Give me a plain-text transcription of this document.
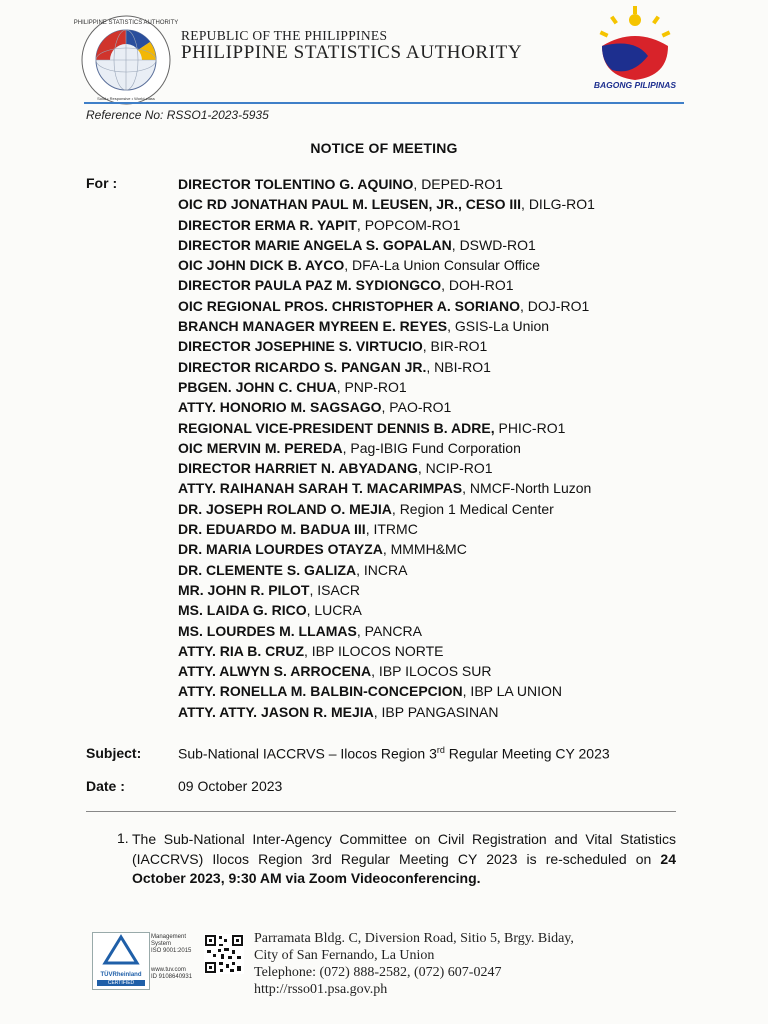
PHILIPPINE STATISTICS AUTHORITY
Solid • Responsive • World-class
REPUBLIC OF THE PHILIPPINES
PHILIPPINE STATISTICS AUTHORITY
BAGONG PILIPINAS
Reference No: RSSO1-2023-5935
NOTICE OF MEETING
For :	DIRECTOR TOLENTINO G. AQUINO, DEPED-RO1
OIC RD JONATHAN PAUL M. LEUSEN, JR., CESO III, DILG-RO1
DIRECTOR ERMA R. YAPIT, POPCOM-RO1
DIRECTOR MARIE ANGELA S. GOPALAN, DSWD-RO1
OIC JOHN DICK B. AYCO, DFA-La Union Consular Office
DIRECTOR PAULA PAZ M. SYDIONGCO, DOH-RO1
OIC REGIONAL PROS. CHRISTOPHER A. SORIANO, DOJ-RO1
BRANCH MANAGER MYREEN E. REYES, GSIS-La Union
DIRECTOR JOSEPHINE S. VIRTUCIO, BIR-RO1
DIRECTOR RICARDO S. PANGAN JR., NBI-RO1
PBGEN. JOHN C. CHUA, PNP-RO1
ATTY. HONORIO M. SAGSAGO, PAO-RO1
REGIONAL VICE-PRESIDENT DENNIS B. ADRE, PHIC-RO1
OIC MERVIN M. PEREDA, Pag-IBIG Fund Corporation
DIRECTOR HARRIET N. ABYADANG, NCIP-RO1
ATTY. RAIHANAH SARAH T. MACARIMPAS, NMCF-North Luzon
DR. JOSEPH ROLAND O. MEJIA, Region 1 Medical Center
DR. EDUARDO M. BADUA III, ITRMC
DR. MARIA LOURDES OTAYZA, MMMH&MC
DR. CLEMENTE S. GALIZA, INCRA
MR. JOHN R. PILOT, ISACR
MS. LAIDA G. RICO, LUCRA
MS. LOURDES M. LLAMAS, PANCRA
ATTY. RIA B. CRUZ, IBP ILOCOS NORTE
ATTY. ALWYN S. ARROCENA, IBP ILOCOS SUR
ATTY. RONELLA M. BALBIN-CONCEPCION, IBP LA UNION
ATTY. ATTY. JASON R. MEJIA, IBP PANGASINAN
Subject:	Sub-National IACCRVS – Ilocos Region 3rd Regular Meeting CY 2023
Date :	09 October 2023
1. The Sub-National Inter-Agency Committee on Civil Registration and Vital Statistics (IACCRVS) Ilocos Region 3rd Regular Meeting CY 2023 is re-scheduled on 24 October 2023, 9:30 AM via Zoom Videoconferencing.
TÜVRheinland
CERTIFIED
Management
System
ISO 9001:2015
www.tuv.com
ID 9108640931
Parramata Bldg. C, Diversion Road, Sitio 5, Brgy. Biday,
City of San Fernando, La Union
Telephone: (072) 888-2582, (072) 607-0247
http://rsso01.psa.gov.ph
